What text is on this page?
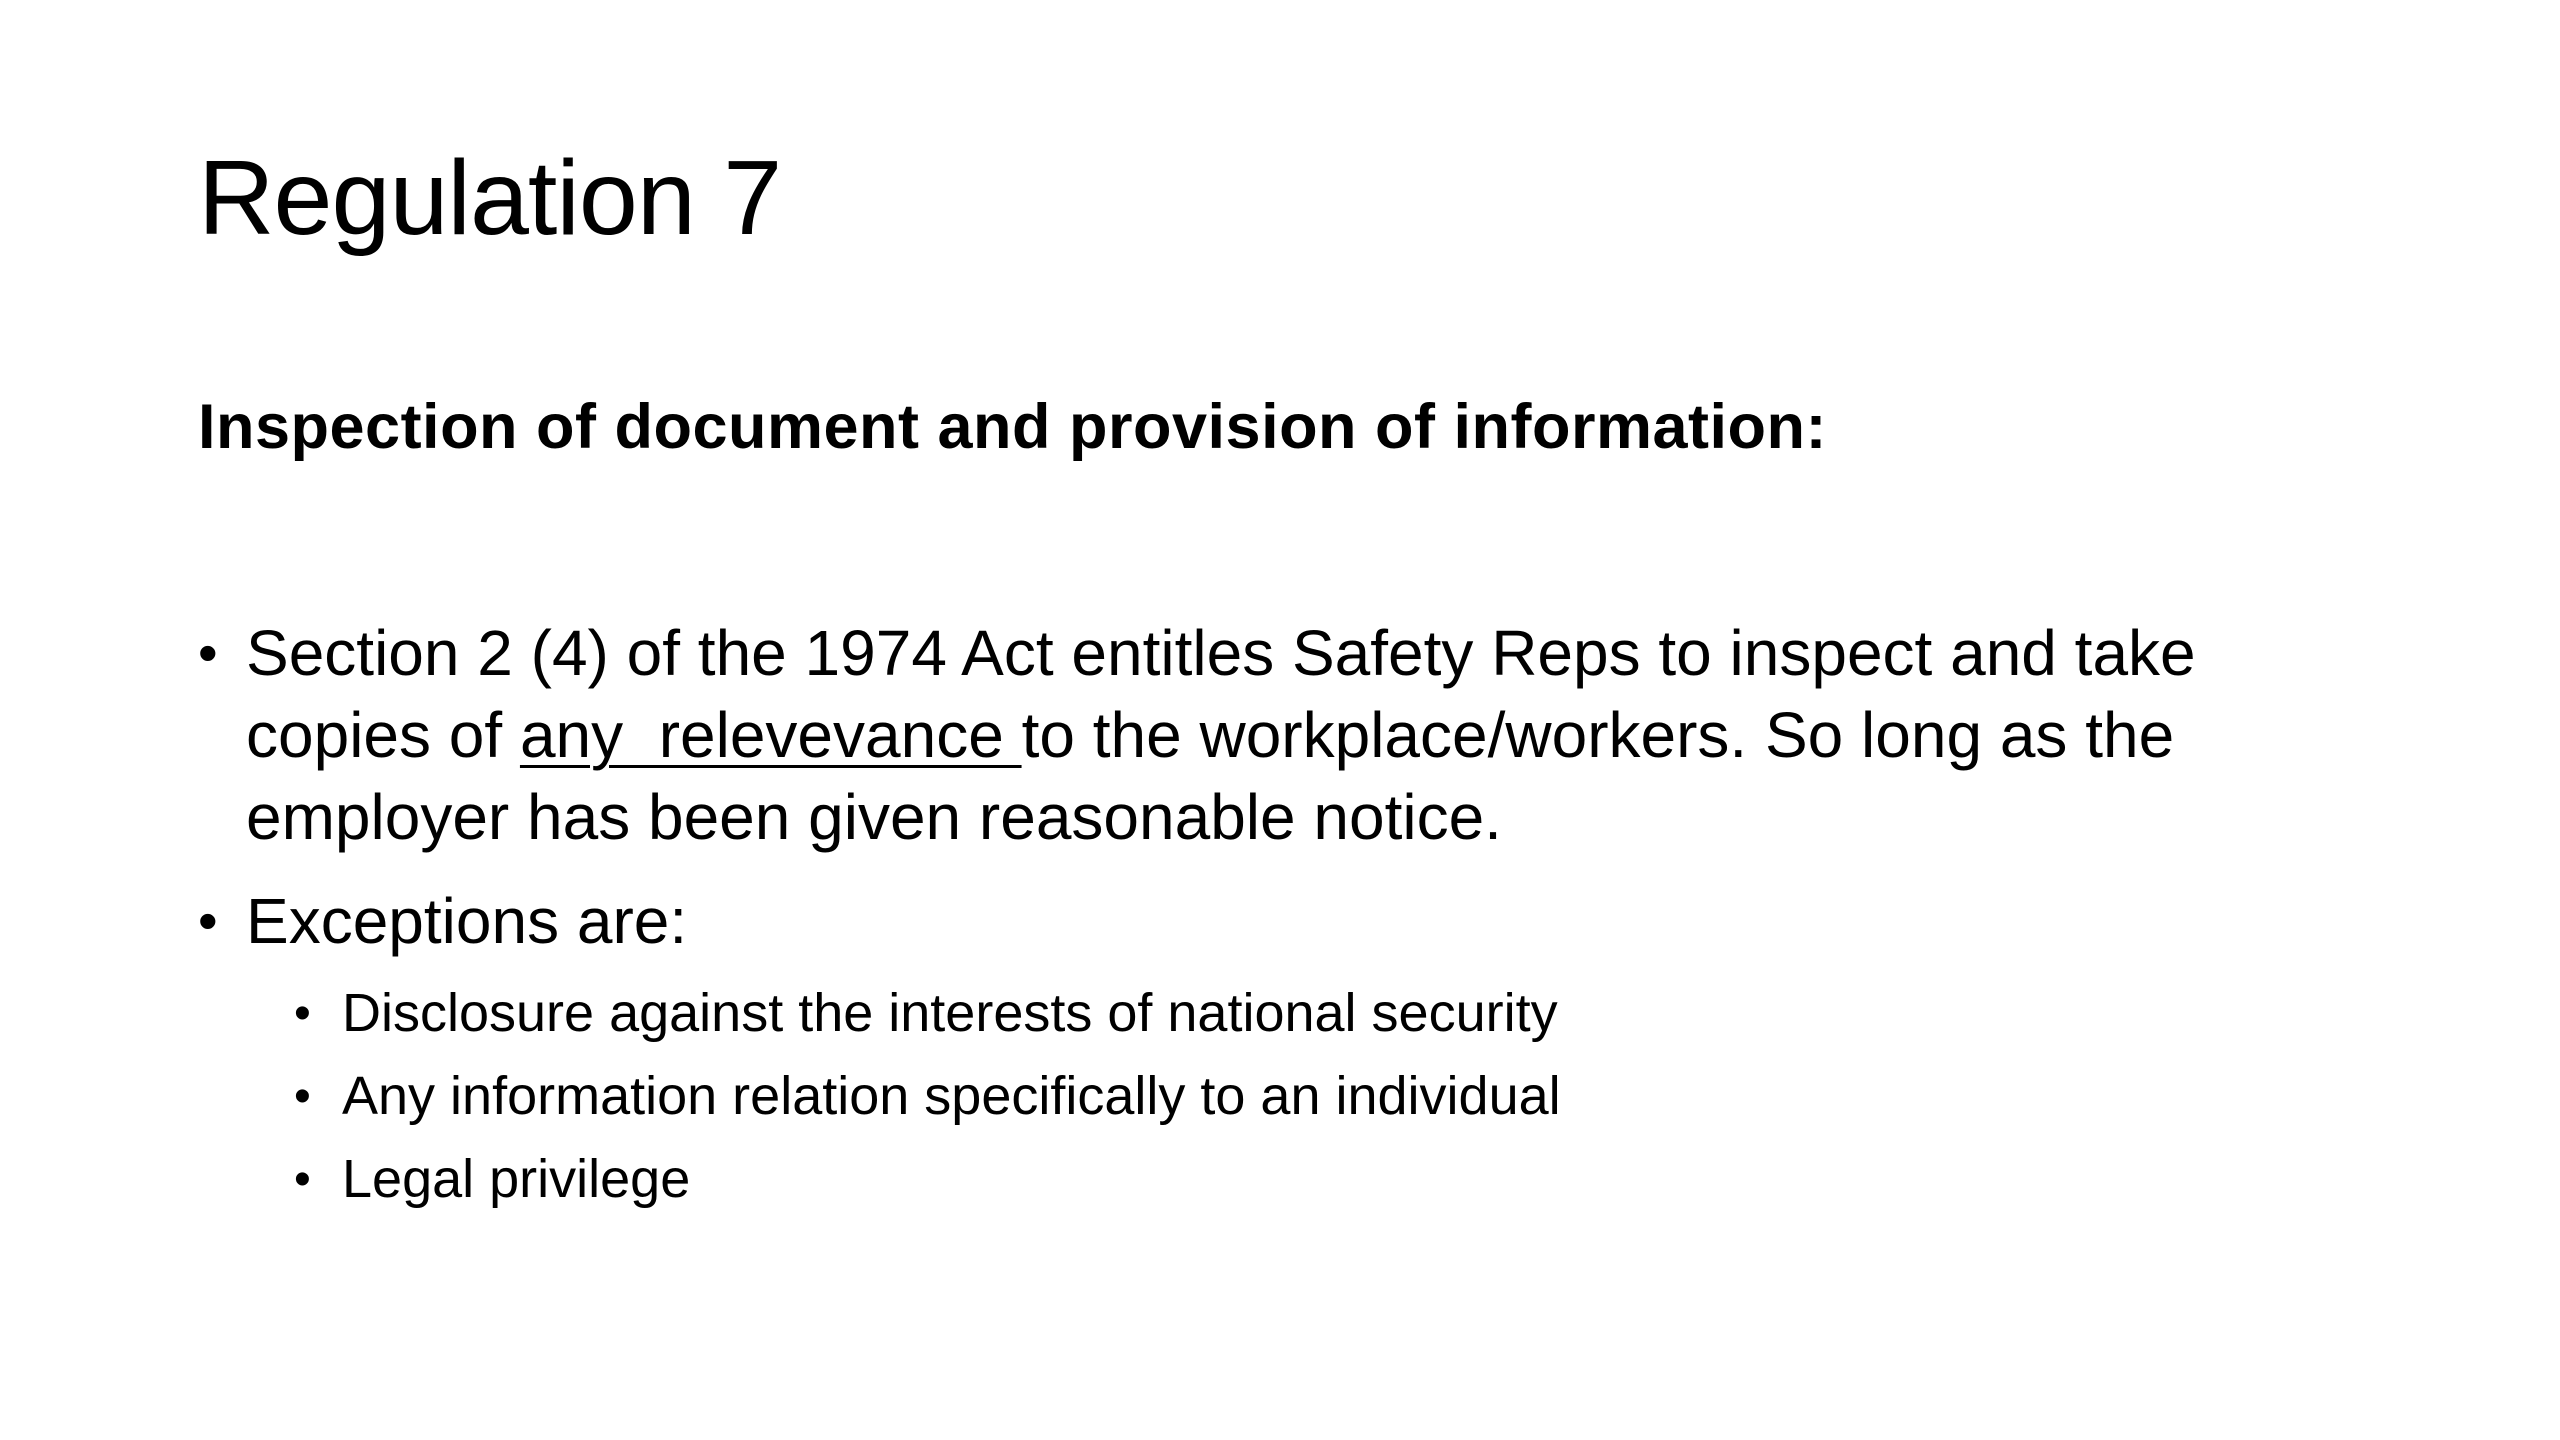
Regulation 7
Inspection of document and provision of information:
• Section 2 (4) of the 1974 Act entitles Safety Reps to inspect and take copies of any  relevevance to the workplace/workers. So long as the employer has been given reasonable notice.
• Exceptions are:
• Disclosure against the interests of national security
• Any information relation specifically to an individual
• Legal privilege
